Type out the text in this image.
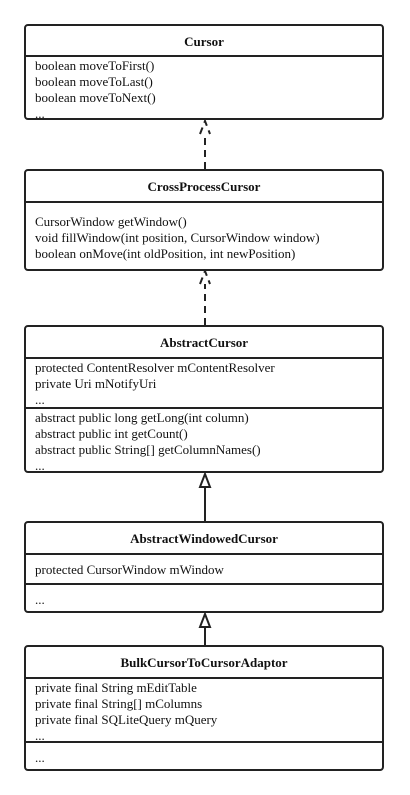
Cursor
boolean moveToFirst()
boolean moveToLast()
boolean moveToNext()
...
CrossProcessCursor
CursorWindow getWindow()
void fillWindow(int position, CursorWindow window)
boolean onMove(int oldPosition, int newPosition)
AbstractCursor
protected ContentResolver mContentResolver
private Uri mNotifyUri
...
abstract public long getLong(int column)
abstract public int getCount()
abstract public String[] getColumnNames()
...
AbstractWindowedCursor
protected CursorWindow mWindow
...
BulkCursorToCursorAdaptor
private final String mEditTable
private final String[] mColumns
private final SQLiteQuery mQuery
...
...
